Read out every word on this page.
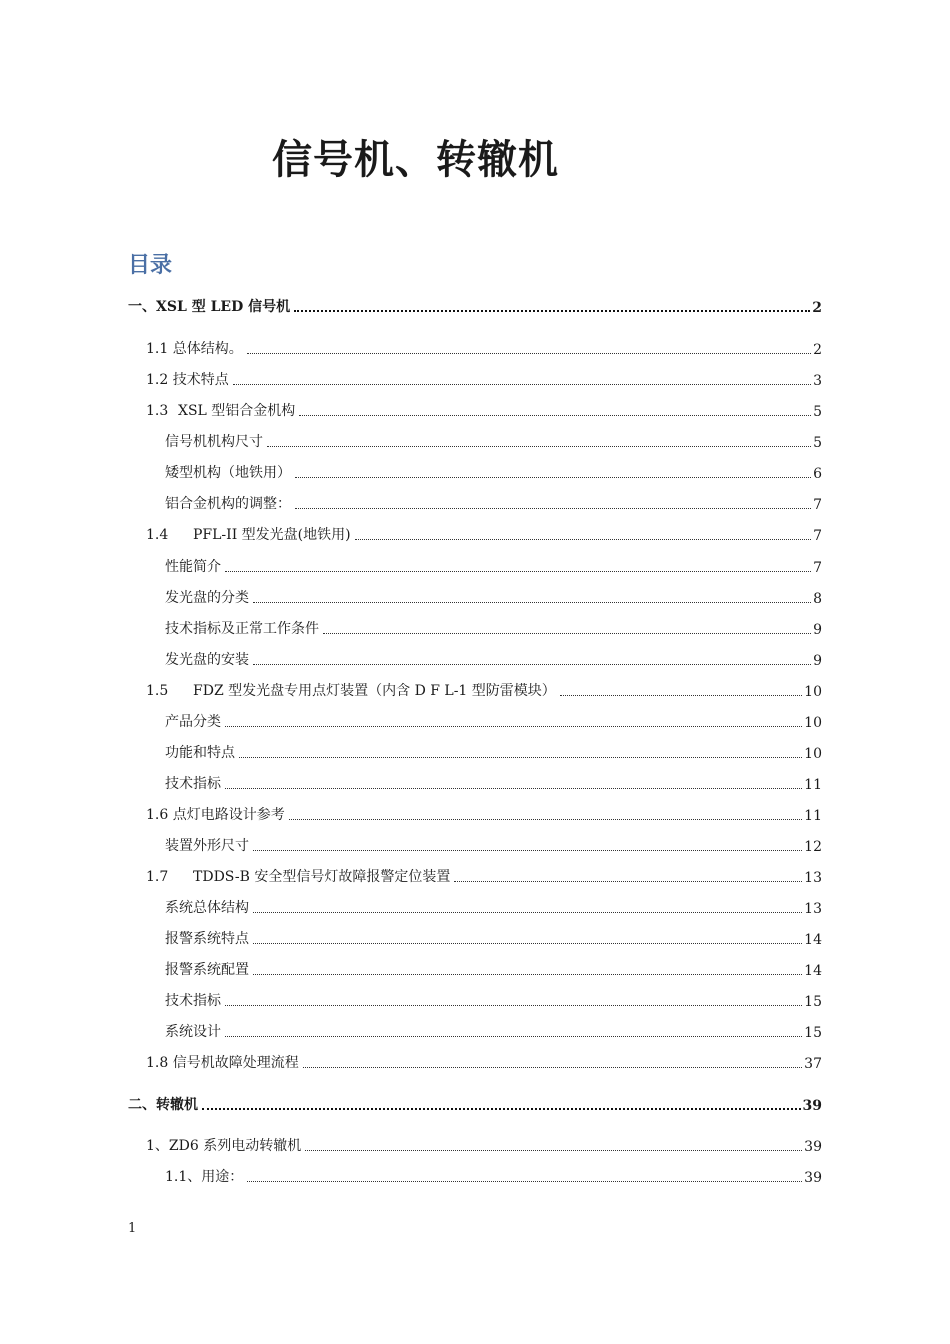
信号机、转辙机
目录
一、XSL 型 LED 信号机	2
1.1 总体结构。	2
1.2 技术特点	3
1.3 XSL 型铝合金机构	5
信号机机构尺寸	5
矮型机构（地铁用）	6
铝合金机构的调整：	7
1.4 PFL-II 型发光盘(地铁用)	7
性能简介	7
发光盘的分类	8
技术指标及正常工作条件	9
发光盘的安装	9
1.5 FDZ 型发光盘专用点灯装置（内含 D F L-1 型防雷模块）	10
产品分类	10
功能和特点	10
技术指标	11
1.6 点灯电路设计参考	11
装置外形尺寸	12
1.7 TDDS-B 安全型信号灯故障报警定位装置	13
系统总体结构	13
报警系统特点	14
报警系统配置	14
技术指标	15
系统设计	15
1.8 信号机故障处理流程	37
二、转辙机	39
1、ZD6 系列电动转辙机	39
1.1、用途：	39
1
